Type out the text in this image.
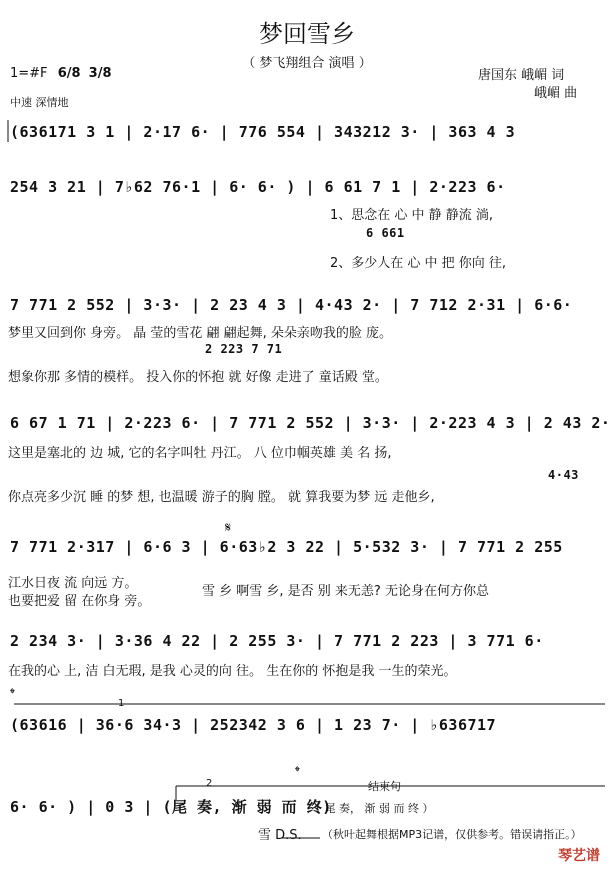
梦回雪乡
（ 梦飞翔组合 演唱 ）
1=#F 6/8 3/8
中速 深情地
唐国东 峨嵋 词
峨嵋 曲
(636171 3 1 | 2·17 6· | 776 554 | 343212 3· | 363 4 3
254 3 21 | 7♭62 76·1 | 6· 6· ) | 6 61 7 1 | 2·223 6·
1、思念在 心 中 静 静流 淌,
6 661
2、多少人在 心 中 把 你向 往,
7 771 2 552 | 3·3· | 2 23 4 3 | 4·43 2· | 7 712 2·31 | 6·6·
梦里又回到你 身旁。 晶 莹的雪花 翩 翩起舞, 朵朵亲吻我的脸 庞。
2 223 7 71
想象你那 多情的模样。 投入你的怀抱 就 好像 走进了 童话殿 堂。
6 67 1 71 | 2·223 6· | 7 771 2 552 | 3·3· | 2·223 4 3 | 2 43 2·
这里是塞北的 边 城, 它的名字叫牡 丹江。 八 位巾帼英雄 美 名 扬,
4·43
你点亮多少沉 睡 的梦 想, 也温暖 游子的胸 膛。 就 算我要为梦 远 走他乡,
𝄋
7 771 2·317 | 6·6 3 | 6·63♭2 3 22 | 5·532 3· | 7 771 2 255
江水日夜 流 向远 方。
也要把爱 留 在你身 旁。
雪 乡 啊雪 乡, 是否 别 来无恙? 无论身在何方你总
2 234 3· | 3·36 4 22 | 2 255 3· | 7 771 2 223 | 3 771 6·
在我的心 上, 洁 白无瑕, 是我 心灵的向 往。 生在你的 怀抱是我 一生的荣光。
𝄌
1
(63616 | 36·6 34·3 | 252342 3 6 | 1 23 7· | ♭636717
2
𝄌
结束句
6· 6· ) | 0 3 | (尾 奏, 渐 弱 而 终)
（ 尾 奏， 渐 弱 而 终 ）
雪 D.S. （秋叶起舞根据MP3记谱，仅供参考。错误请指正。）
琴艺谱
